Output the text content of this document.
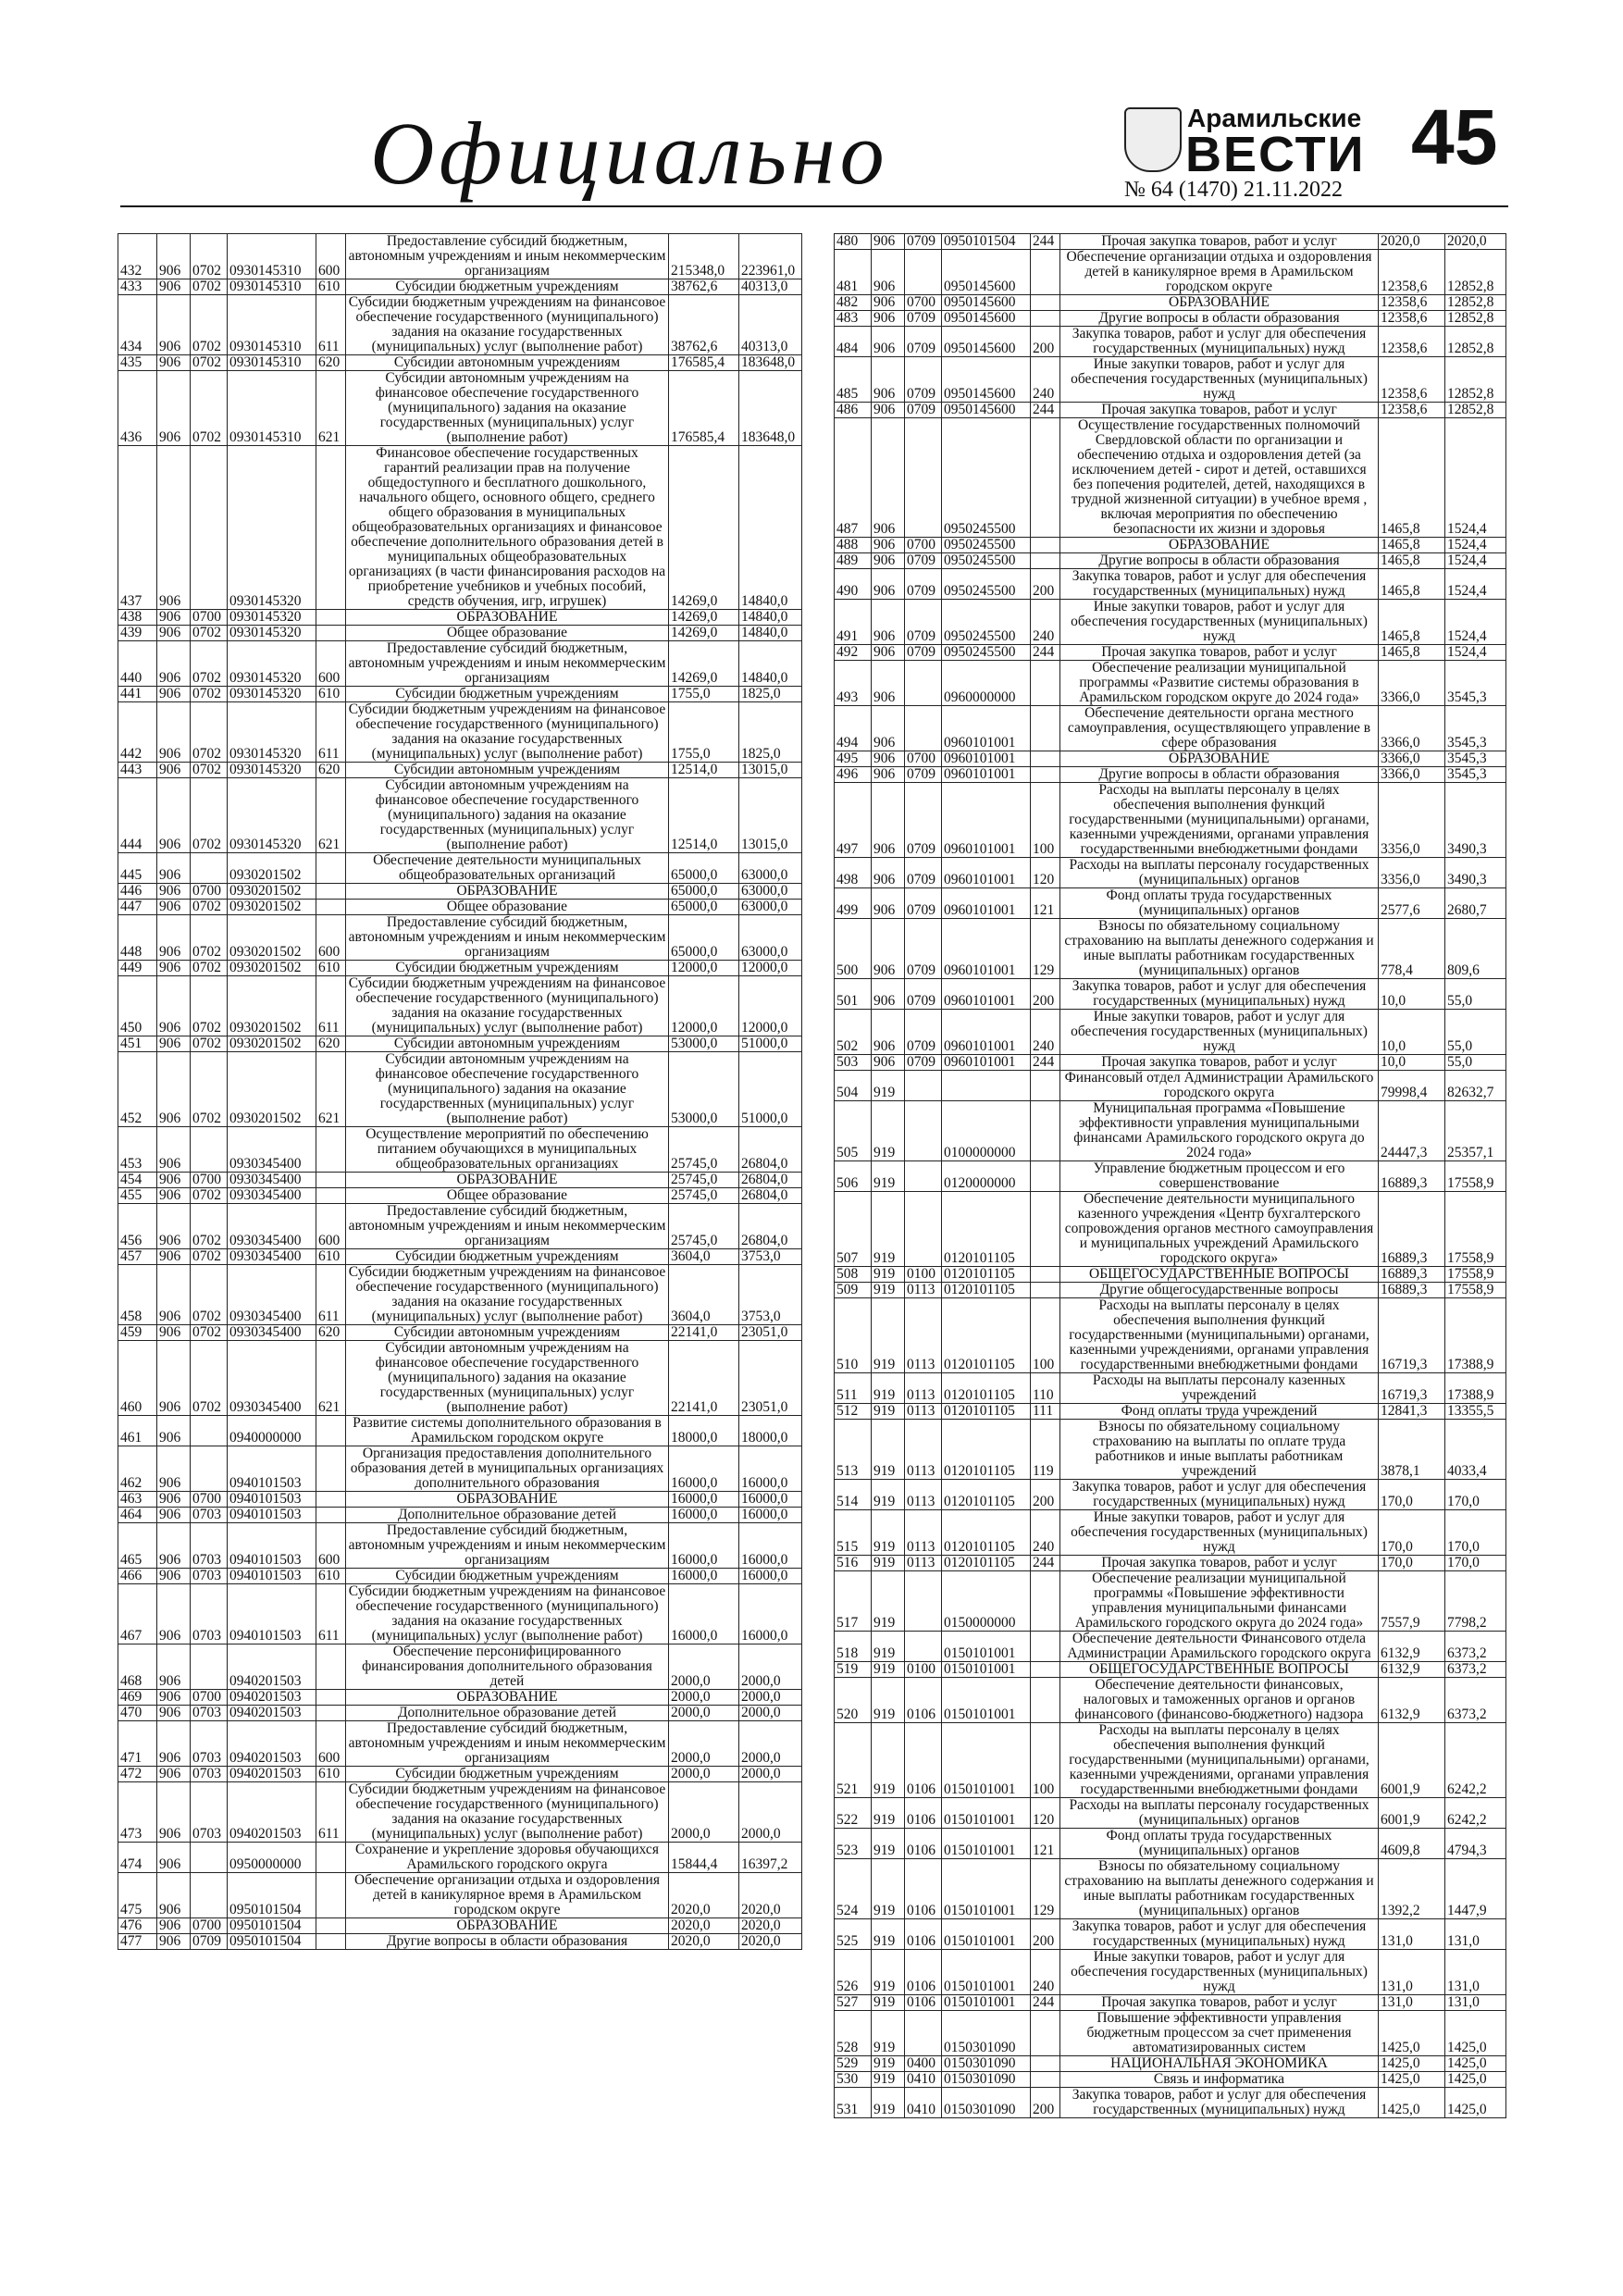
Официально	Арамильские
ВЕСТИ 45
№ 64 (1470) 21.11.2022
432	906	0702	0930145310	600	Предоставление субсидий бюджетным, автономным учреждениям и иным некоммерческим организациям	215348,0	223961,0
433	906	0702	0930145310	610	Субсидии бюджетным учреждениям	38762,6	40313,0
434	906	0702	0930145310	611	Субсидии бюджетным учреждениям на финансовое обеспечение государственного (муниципального) задания на оказание государственных (муниципальных) услуг (выполнение работ)	38762,6	40313,0
435	906	0702	0930145310	620	Субсидии автономным учреждениям	176585,4	183648,0
436	906	0702	0930145310	621	Субсидии автономным учреждениям на финансовое обеспечение государственного (муниципального) задания на оказание государственных (муниципальных) услуг (выполнение работ)	176585,4	183648,0
437	906		0930145320		Финансовое обеспечение государственных гарантий реализации прав на получение общедоступного и бесплатного дошкольного, начального общего, основного общего, среднего общего образования в муниципальных общеобразовательных организациях и финансовое обеспечение дополнительного образования детей в муниципальных общеобразовательных организациях (в части финансирования расходов на приобретение учебников и учебных пособий, средств обучения, игр, игрушек)	14269,0	14840,0
438	906	0700	0930145320		ОБРАЗОВАНИЕ	14269,0	14840,0
439	906	0702	0930145320		Общее образование	14269,0	14840,0
440	906	0702	0930145320	600	Предоставление субсидий бюджетным, автономным учреждениям и иным некоммерческим организациям	14269,0	14840,0
441	906	0702	0930145320	610	Субсидии бюджетным учреждениям	1755,0	1825,0
442	906	0702	0930145320	611	Субсидии бюджетным учреждениям на финансовое обеспечение государственного (муниципального) задания на оказание государственных (муниципальных) услуг (выполнение работ)	1755,0	1825,0
443	906	0702	0930145320	620	Субсидии автономным учреждениям	12514,0	13015,0
444	906	0702	0930145320	621	Субсидии автономным учреждениям на финансовое обеспечение государственного (муниципального) задания на оказание государственных (муниципальных) услуг (выполнение работ)	12514,0	13015,0
445	906		0930201502		Обеспечение деятельности муниципальных общеобразовательных организаций	65000,0	63000,0
446	906	0700	0930201502		ОБРАЗОВАНИЕ	65000,0	63000,0
447	906	0702	0930201502		Общее образование	65000,0	63000,0
448	906	0702	0930201502	600	Предоставление субсидий бюджетным, автономным учреждениям и иным некоммерческим организациям	65000,0	63000,0
449	906	0702	0930201502	610	Субсидии бюджетным учреждениям	12000,0	12000,0
450	906	0702	0930201502	611	Субсидии бюджетным учреждениям на финансовое обеспечение государственного (муниципального) задания на оказание государственных (муниципальных) услуг (выполнение работ)	12000,0	12000,0
451	906	0702	0930201502	620	Субсидии автономным учреждениям	53000,0	51000,0
452	906	0702	0930201502	621	Субсидии автономным учреждениям на финансовое обеспечение государственного (муниципального) задания на оказание государственных (муниципальных) услуг (выполнение работ)	53000,0	51000,0
453	906		0930345400		Осуществление мероприятий по обеспечению питанием обучающихся в муниципальных общеобразовательных организациях	25745,0	26804,0
454	906	0700	0930345400		ОБРАЗОВАНИЕ	25745,0	26804,0
455	906	0702	0930345400		Общее образование	25745,0	26804,0
456	906	0702	0930345400	600	Предоставление субсидий бюджетным, автономным учреждениям и иным некоммерческим организациям	25745,0	26804,0
457	906	0702	0930345400	610	Субсидии бюджетным учреждениям	3604,0	3753,0
458	906	0702	0930345400	611	Субсидии бюджетным учреждениям на финансовое обеспечение государственного (муниципального) задания на оказание государственных (муниципальных) услуг (выполнение работ)	3604,0	3753,0
459	906	0702	0930345400	620	Субсидии автономным учреждениям	22141,0	23051,0
460	906	0702	0930345400	621	Субсидии автономным учреждениям на финансовое обеспечение государственного (муниципального) задания на оказание государственных (муниципальных) услуг (выполнение работ)	22141,0	23051,0
461	906		0940000000		Развитие системы дополнительного образования в Арамильском городском округе	18000,0	18000,0
462	906		0940101503		Организация предоставления дополнительного образования детей в муниципальных организациях дополнительного образования	16000,0	16000,0
463	906	0700	0940101503		ОБРАЗОВАНИЕ	16000,0	16000,0
464	906	0703	0940101503		Дополнительное образование детей	16000,0	16000,0
465	906	0703	0940101503	600	Предоставление субсидий бюджетным, автономным учреждениям и иным некоммерческим организациям	16000,0	16000,0
466	906	0703	0940101503	610	Субсидии бюджетным учреждениям	16000,0	16000,0
467	906	0703	0940101503	611	Субсидии бюджетным учреждениям на финансовое обеспечение государственного (муниципального) задания на оказание государственных (муниципальных) услуг (выполнение работ)	16000,0	16000,0
468	906		0940201503		Обеспечение персонифицированного финансирования дополнительного образования детей	2000,0	2000,0
469	906	0700	0940201503		ОБРАЗОВАНИЕ	2000,0	2000,0
470	906	0703	0940201503		Дополнительное образование детей	2000,0	2000,0
471	906	0703	0940201503	600	Предоставление субсидий бюджетным, автономным учреждениям и иным некоммерческим организациям	2000,0	2000,0
472	906	0703	0940201503	610	Субсидии бюджетным учреждениям	2000,0	2000,0
473	906	0703	0940201503	611	Субсидии бюджетным учреждениям на финансовое обеспечение государственного (муниципального) задания на оказание государственных (муниципальных) услуг (выполнение работ)	2000,0	2000,0
474	906		0950000000		Сохранение и укрепление здоровья обучающихся Арамильского городского округа	15844,4	16397,2
475	906		0950101504		Обеспечение организации отдыха и оздоровления детей в каникулярное время в Арамильском городском округе	2020,0	2020,0
476	906	0700	0950101504		ОБРАЗОВАНИЕ	2020,0	2020,0
477	906	0709	0950101504		Другие вопросы в области образования	2020,0	2020,0
480	906	0709	0950101504	244	Прочая закупка товаров, работ и услуг	2020,0	2020,0
481	906		0950145600		Обеспечение организации отдыха и оздоровления детей в каникулярное время в Арамильском городском округе	12358,6	12852,8
482	906	0700	0950145600		ОБРАЗОВАНИЕ	12358,6	12852,8
483	906	0709	0950145600		Другие вопросы в области образования	12358,6	12852,8
484	906	0709	0950145600	200	Закупка товаров, работ и услуг для обеспечения государственных (муниципальных) нужд	12358,6	12852,8
485	906	0709	0950145600	240	Иные закупки товаров, работ и услуг для обеспечения государственных (муниципальных) нужд	12358,6	12852,8
486	906	0709	0950145600	244	Прочая закупка товаров, работ и услуг	12358,6	12852,8
487	906		0950245500		Осуществление государственных полномочий Свердловской области по организации и обеспечению отдыха и оздоровления детей (за исключением детей - сирот и детей, оставшихся без попечения родителей, детей, находящихся в трудной жизненной ситуации) в учебное время , включая мероприятия по обеспечению безопасности их жизни и здоровья	1465,8	1524,4
488	906	0700	0950245500		ОБРАЗОВАНИЕ	1465,8	1524,4
489	906	0709	0950245500		Другие вопросы в области образования	1465,8	1524,4
490	906	0709	0950245500	200	Закупка товаров, работ и услуг для обеспечения государственных (муниципальных) нужд	1465,8	1524,4
491	906	0709	0950245500	240	Иные закупки товаров, работ и услуг для обеспечения государственных (муниципальных) нужд	1465,8	1524,4
492	906	0709	0950245500	244	Прочая закупка товаров, работ и услуг	1465,8	1524,4
493	906		0960000000		Обеспечение реализации муниципальной программы «Развитие системы образования в Арамильском городском округе до 2024 года»	3366,0	3545,3
494	906		0960101001		Обеспечение деятельности органа местного самоуправления, осуществляющего управление в сфере образования	3366,0	3545,3
495	906	0700	0960101001		ОБРАЗОВАНИЕ	3366,0	3545,3
496	906	0709	0960101001		Другие вопросы в области образования	3366,0	3545,3
497	906	0709	0960101001	100	Расходы на выплаты персоналу в целях обеспечения выполнения функций государственными (муниципальными) органами, казенными учреждениями, органами управления государственными внебюджетными фондами	3356,0	3490,3
498	906	0709	0960101001	120	Расходы на выплаты персоналу государственных (муниципальных) органов	3356,0	3490,3
499	906	0709	0960101001	121	Фонд оплаты труда государственных (муниципальных) органов	2577,6	2680,7
500	906	0709	0960101001	129	Взносы по обязательному социальному страхованию на выплаты денежного содержания и иные выплаты работникам государственных (муниципальных) органов	778,4	809,6
501	906	0709	0960101001	200	Закупка товаров, работ и услуг для обеспечения государственных (муниципальных) нужд	10,0	55,0
502	906	0709	0960101001	240	Иные закупки товаров, работ и услуг для обеспечения государственных (муниципальных) нужд	10,0	55,0
503	906	0709	0960101001	244	Прочая закупка товаров, работ и услуг	10,0	55,0
504	919				Финансовый отдел Администрации Арамильского городского округа	79998,4	82632,7
505	919		0100000000		Муниципальная программа «Повышение эффективности управления муниципальными финансами Арамильского городского округа до 2024 года»	24447,3	25357,1
506	919		0120000000		Управление бюджетным процессом и его совершенствование	16889,3	17558,9
507	919		0120101105		Обеспечение деятельности муниципального казенного учреждения «Центр бухгалтерского сопровождения органов местного самоуправления и муниципальных учреждений Арамильского городского округа»	16889,3	17558,9
508	919	0100	0120101105		ОБЩЕГОСУДАРСТВЕННЫЕ ВОПРОСЫ	16889,3	17558,9
509	919	0113	0120101105		Другие общегосударственные вопросы	16889,3	17558,9
510	919	0113	0120101105	100	Расходы на выплаты персоналу в целях обеспечения выполнения функций государственными (муниципальными) органами, казенными учреждениями, органами управления государственными внебюджетными фондами	16719,3	17388,9
511	919	0113	0120101105	110	Расходы на выплаты персоналу казенных учреждений	16719,3	17388,9
512	919	0113	0120101105	111	Фонд оплаты труда учреждений	12841,3	13355,5
513	919	0113	0120101105	119	Взносы по обязательному социальному страхованию на выплаты по оплате труда работников и иные выплаты работникам учреждений	3878,1	4033,4
514	919	0113	0120101105	200	Закупка товаров, работ и услуг для обеспечения государственных (муниципальных) нужд	170,0	170,0
515	919	0113	0120101105	240	Иные закупки товаров, работ и услуг для обеспечения государственных (муниципальных) нужд	170,0	170,0
516	919	0113	0120101105	244	Прочая закупка товаров, работ и услуг	170,0	170,0
517	919		0150000000		Обеспечение реализации муниципальной программы «Повышение эффективности управления муниципальными финансами Арамильского городского округа до 2024 года»	7557,9	7798,2
518	919		0150101001		Обеспечение деятельности Финансового отдела Администрации Арамильского городского округа	6132,9	6373,2
519	919	0100	0150101001		ОБЩЕГОСУДАРСТВЕННЫЕ ВОПРОСЫ	6132,9	6373,2
520	919	0106	0150101001		Обеспечение деятельности финансовых, налоговых и таможенных органов и органов финансового (финансово-бюджетного) надзора	6132,9	6373,2
521	919	0106	0150101001	100	Расходы на выплаты персоналу в целях обеспечения выполнения функций государственными (муниципальными) органами, казенными учреждениями, органами управления государственными внебюджетными фондами	6001,9	6242,2
522	919	0106	0150101001	120	Расходы на выплаты персоналу государственных (муниципальных) органов	6001,9	6242,2
523	919	0106	0150101001	121	Фонд оплаты труда государственных (муниципальных) органов	4609,8	4794,3
524	919	0106	0150101001	129	Взносы по обязательному социальному страхованию на выплаты денежного содержания и иные выплаты работникам государственных (муниципальных) органов	1392,2	1447,9
525	919	0106	0150101001	200	Закупка товаров, работ и услуг для обеспечения государственных (муниципальных) нужд	131,0	131,0
526	919	0106	0150101001	240	Иные закупки товаров, работ и услуг для обеспечения государственных (муниципальных) нужд	131,0	131,0
527	919	0106	0150101001	244	Прочая закупка товаров, работ и услуг	131,0	131,0
528	919		0150301090		Повышение эффективности управления бюджетным процессом за счет применения автоматизированных систем	1425,0	1425,0
529	919	0400	0150301090		НАЦИОНАЛЬНАЯ ЭКОНОМИКА	1425,0	1425,0
530	919	0410	0150301090		Связь и информатика	1425,0	1425,0
531	919	0410	0150301090	200	Закупка товаров, работ и услуг для обеспечения государственных (муниципальных) нужд	1425,0	1425,0
